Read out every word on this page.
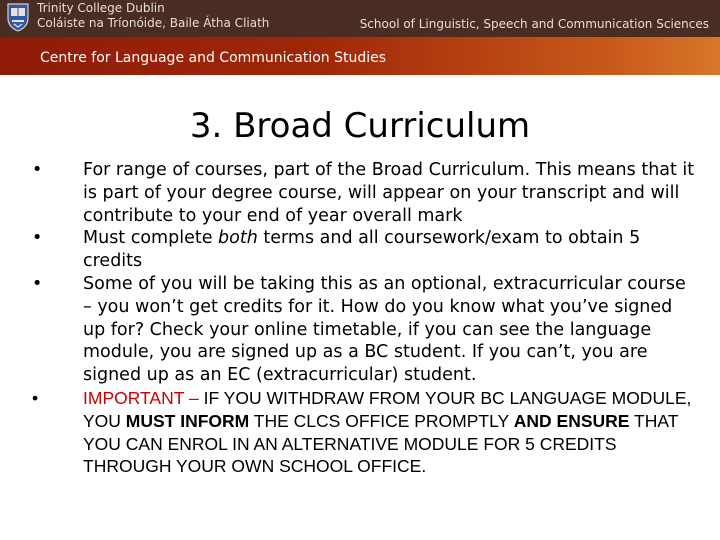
Trinity College Dublin
Coláiste na Tríonóide, Baile Átha Cliath	School of Linguistic, Speech and Communication Sciences
Centre for Language and Communication Studies
3. Broad Curriculum
• For range of courses, part of the Broad Curriculum. This means that it is part of your degree course, will appear on your transcript and will contribute to your end of year overall mark
• Must complete both terms and all coursework/exam to obtain 5 credits
• Some of you will be taking this as an optional, extracurricular course – you won’t get credits for it. How do you know what you’ve signed up for? Check your online timetable, if you can see the language module, you are signed up as a BC student. If you can’t, you are signed up as an EC (extracurricular) student.
•	IMPORTANT – IF YOU WITHDRAW FROM YOUR BC LANGUAGE MODULE, YOU MUST INFORM THE CLCS OFFICE PROMPTLY AND ENSURE THAT YOU CAN ENROL IN AN ALTERNATIVE MODULE FOR 5 CREDITS THROUGH YOUR OWN SCHOOL OFFICE.
